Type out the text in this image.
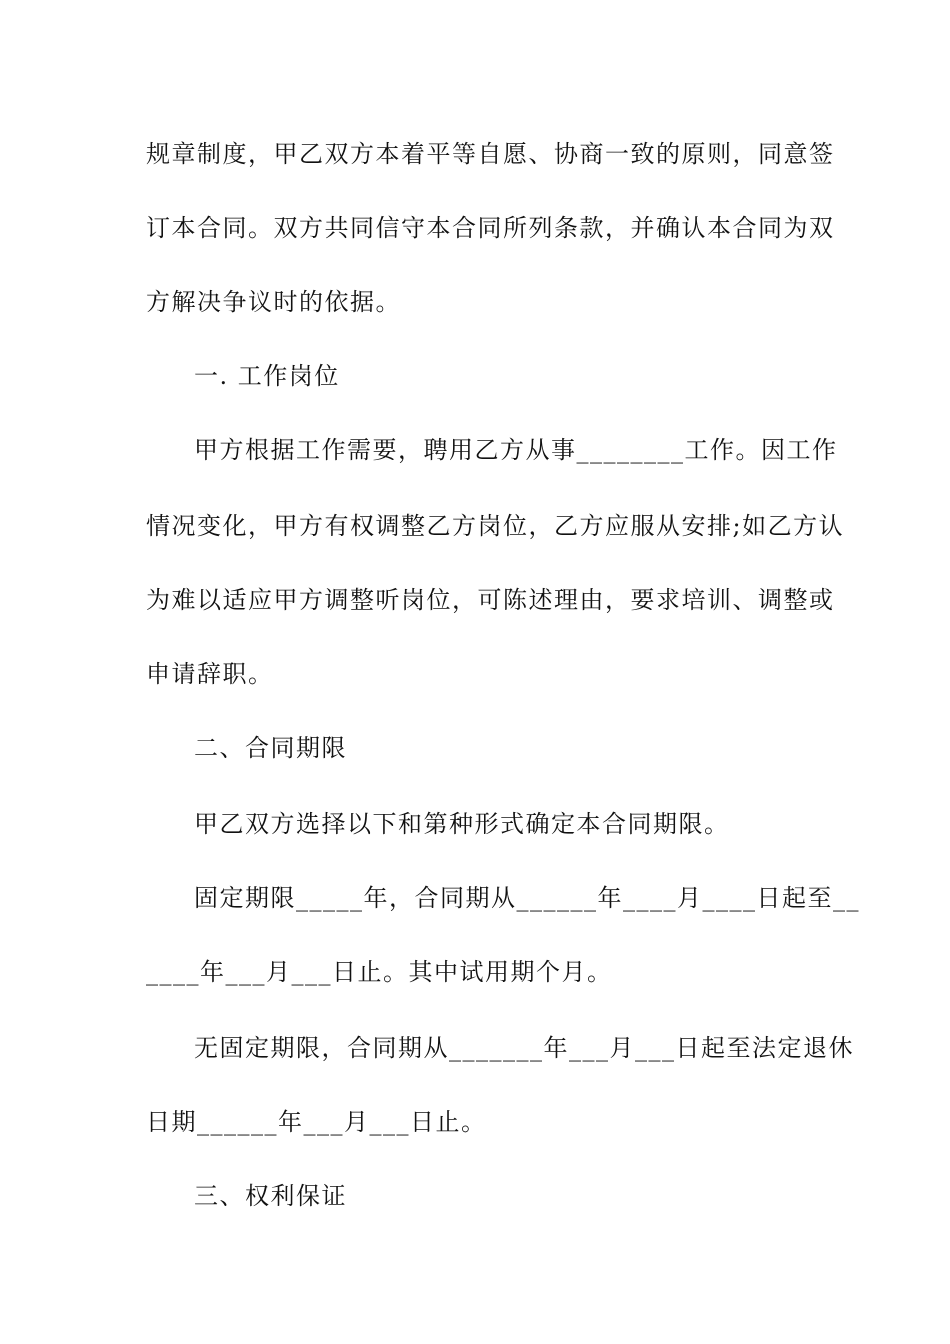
规章制度，甲乙双方本着平等自愿、协商一致的原则，同意签
订本合同。双方共同信守本合同所列条款，并确认本合同为双
方解决争议时的依据。
一. 工作岗位
甲方根据工作需要，聘用乙方从事________工作。因工作
情况变化，甲方有权调整乙方岗位，乙方应服从安排;如乙方认
为难以适应甲方调整听岗位，可陈述理由，要求培训、调整或
申请辞职。
二、合同期限
甲乙双方选择以下和第种形式确定本合同期限。
固定期限_____年，合同期从______年____月____日起至__
____年___月___日止。其中试用期个月。
无固定期限，合同期从_______年___月___日起至法定退休
日期______年___月___日止。
三、权利保证
